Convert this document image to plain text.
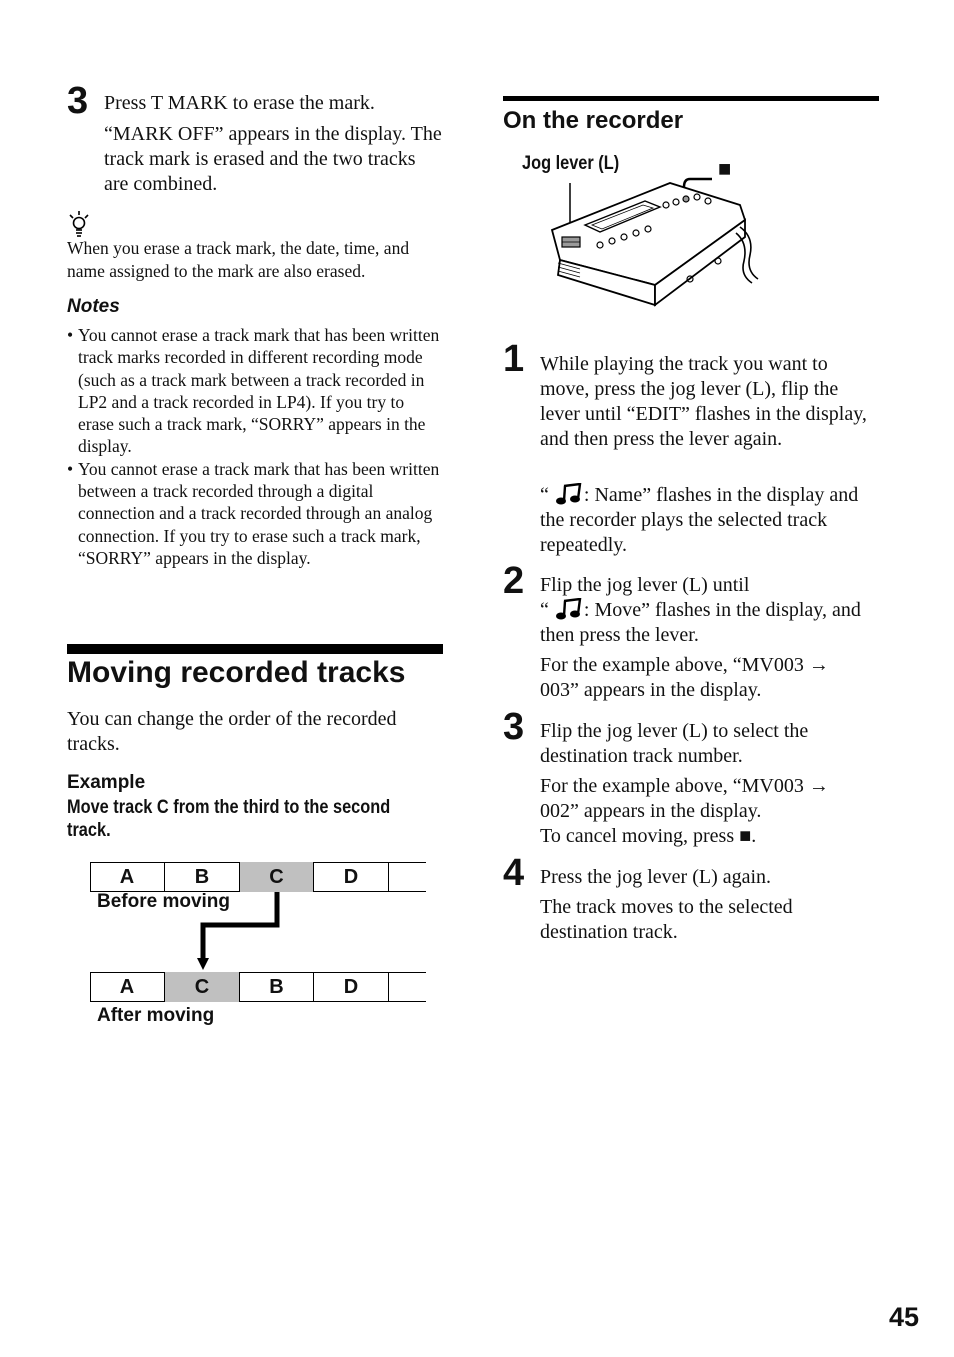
3 Press T MARK to erase the mark.

“MARK OFF” appears in the display. The track mark is erased and the two tracks are combined.

When you erase a track mark, the date, time, and name assigned to the mark are also erased.

Notes

• You cannot erase a track mark that has been written track marks recorded in different recording mode (such as a track mark between a track recorded in LP2 and a track recorded in LP4). If you try to erase such a track mark, “SORRY” appears in the display.

• You cannot erase a track mark that has been written between a track recorded through a digital connection and a track recorded through an analog connection. If you try to erase such a track mark, “SORRY” appears in the display.

Moving recorded tracks

You can change the order of the recorded tracks.

Example
Move track C from the third to the second track.
A	B	C	D
Before moving
A	C	B	D
After moving
On the recorder
Jog lever (L)	■
1 While playing the track you want to move, press the jog lever (L), flip the lever until “EDIT” flashes in the display, and then press the lever again.

“ : Name” flashes in the display and the recorder plays the selected track repeatedly.

2 Flip the jog lever (L) until
“ : Move” flashes in the display, and then press the lever.

For the example above, “MV003 →
003” appears in the display.

3 Flip the jog lever (L) to select the destination track number.

For the example above, “MV003 →
002” appears in the display.
To cancel moving, press ■.

4 Press the jog lever (L) again.

The track moves to the selected destination track.

45
